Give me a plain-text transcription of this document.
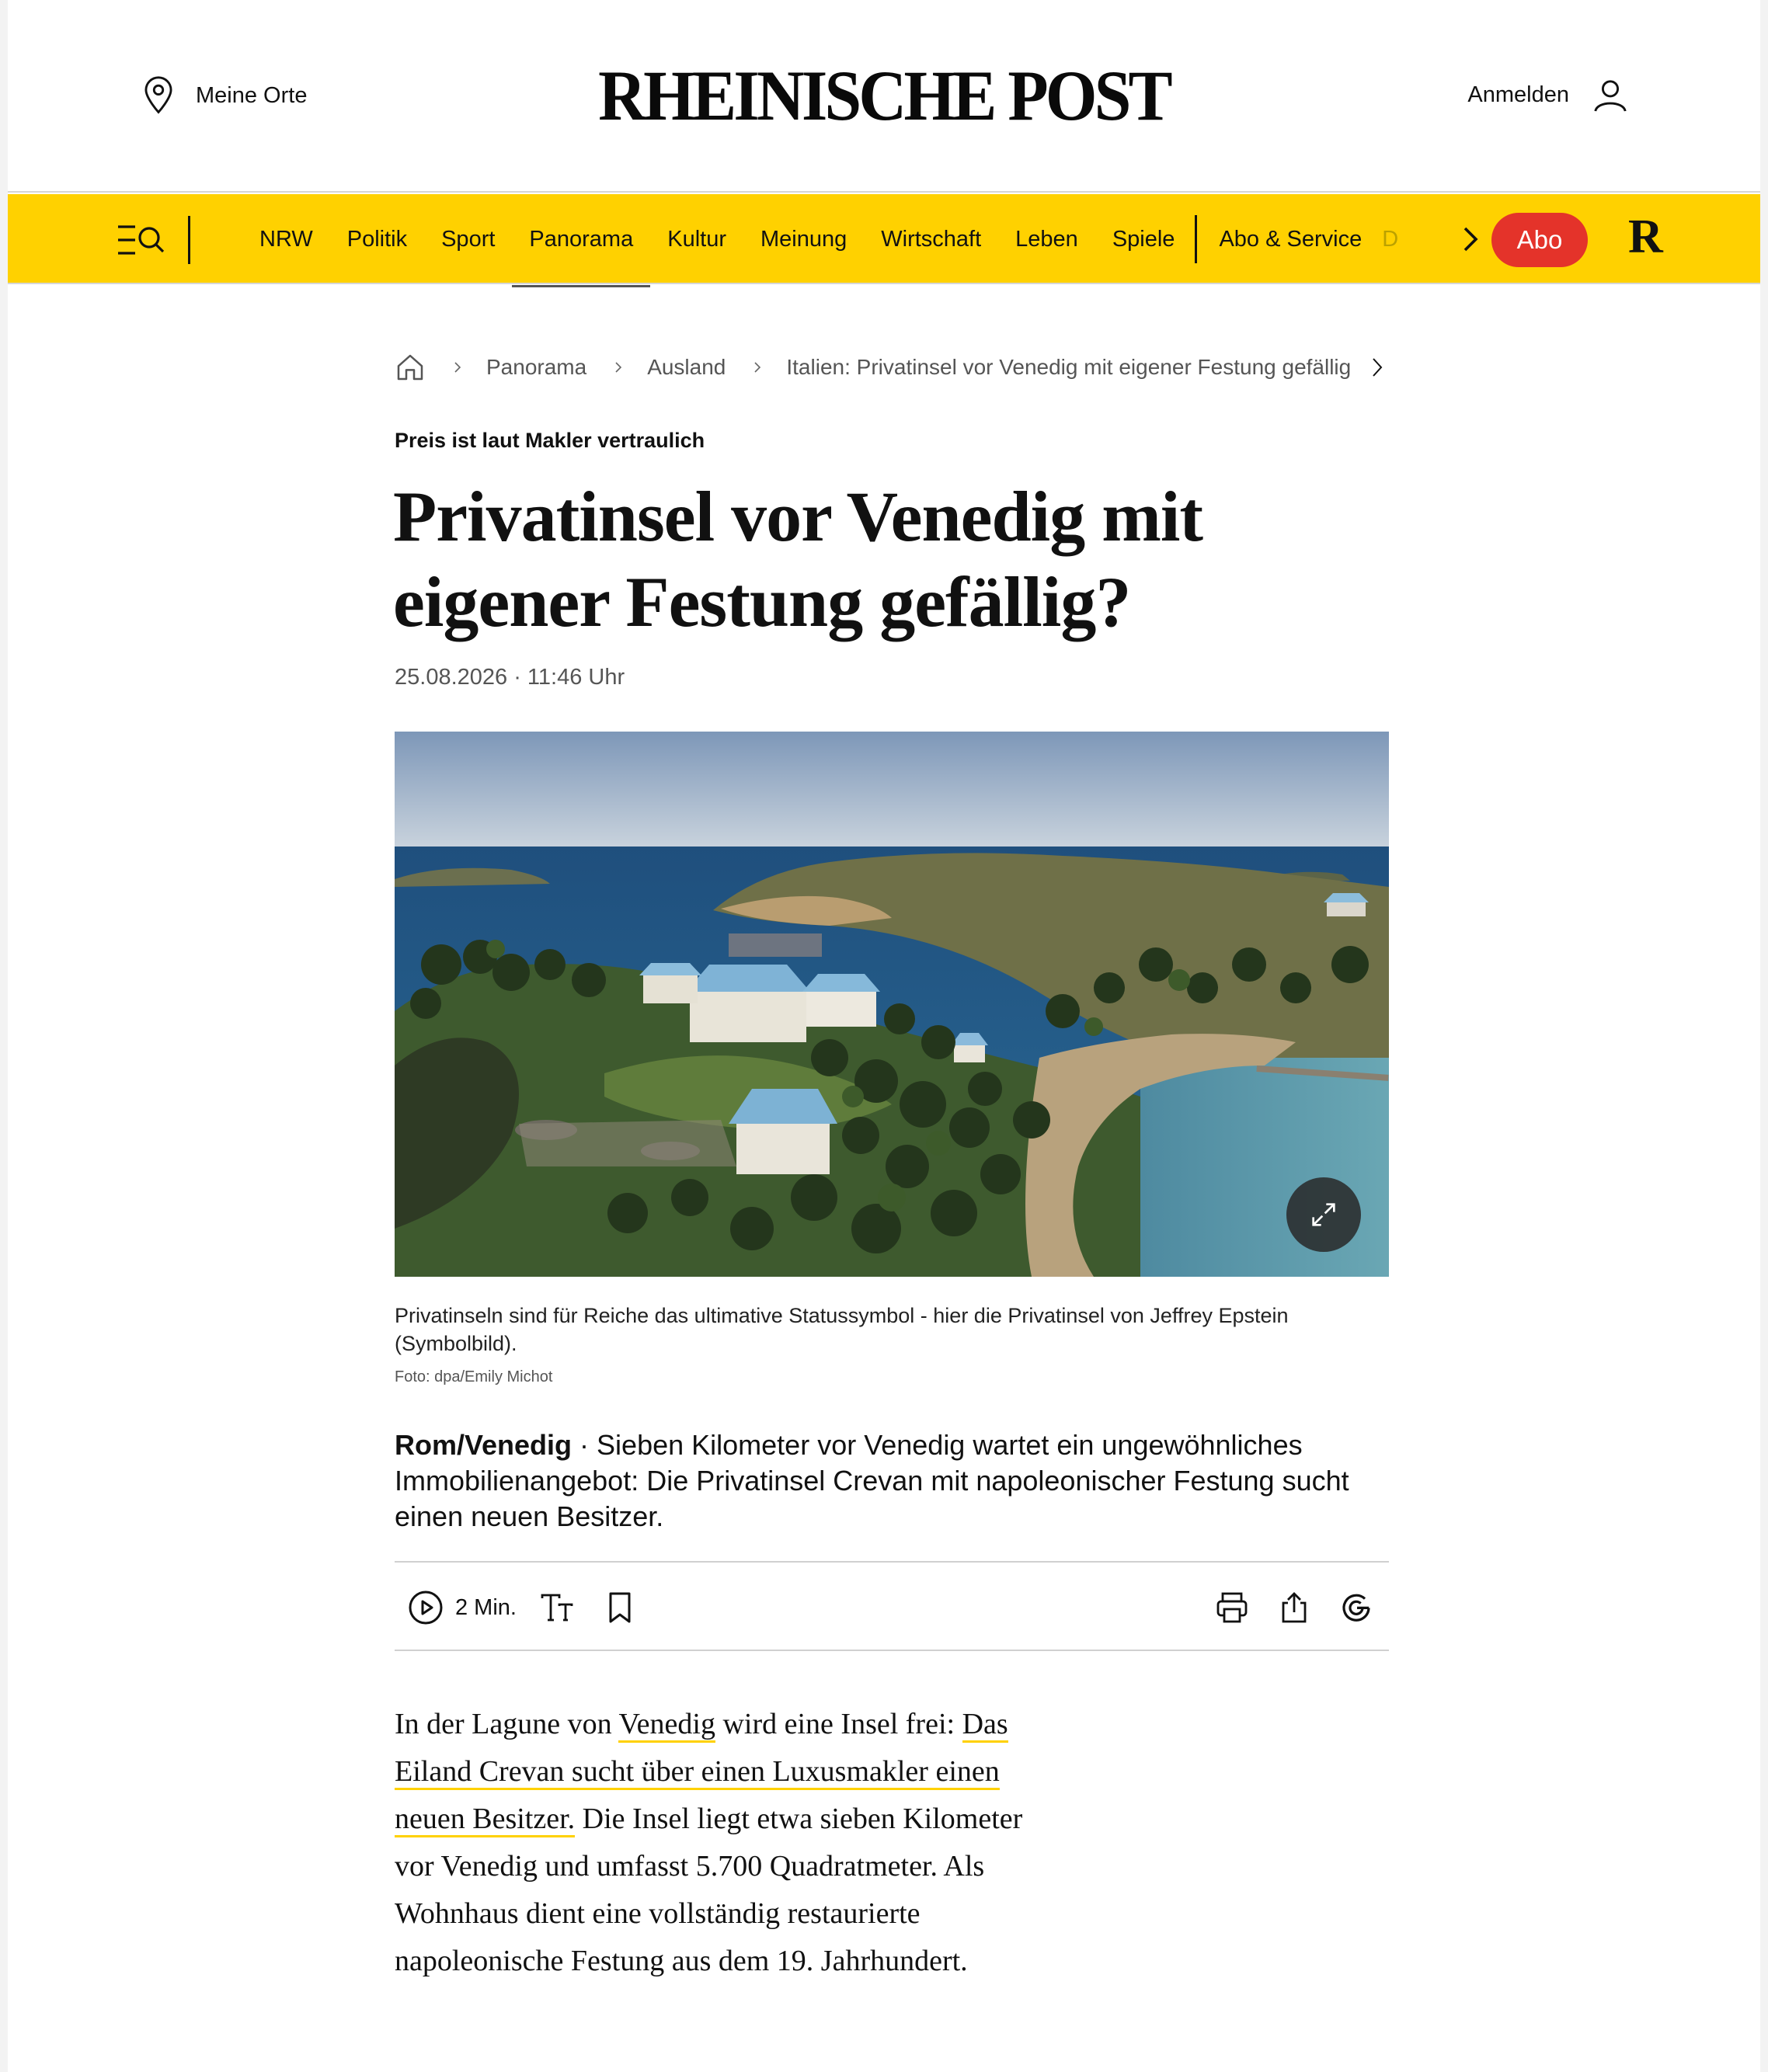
Meine Orte	RHEINISCHE POST	Anmelden
NRW	Politik	Sport	Panorama	Kultur	Meinung	Wirtschaft	Leben	Spiele	Abo & Service D	Abo	R
Panorama	Ausland	Italien: Privatinsel vor Venedig mit eigener Festung gefällig
Preis ist laut Makler vertraulich
Privatinsel vor Venedig mit eigener Festung gefällig?
25.08.2026 · 11:46 Uhr
Privatinseln sind für Reiche das ultimative Statussymbol - hier die Privatinsel von Jeffrey Epstein (Symbolbild).
Foto: dpa/Emily Michot

Rom/Venedig · Sieben Kilometer vor Venedig wartet ein ungewöhnliches Immobilienangebot: Die Privatinsel Crevan mit napoleonischer Festung sucht einen neuen Besitzer.

2 Min.

In der Lagune von Venedig wird eine Insel frei: Das Eiland Crevan sucht über einen Luxusmakler einen neuen Besitzer. Die Insel liegt etwa sieben Kilometer vor Venedig und umfasst 5.700 Quadratmeter. Als Wohnhaus dient eine vollständig restaurierte napoleonische Festung aus dem 19. Jahrhundert.
